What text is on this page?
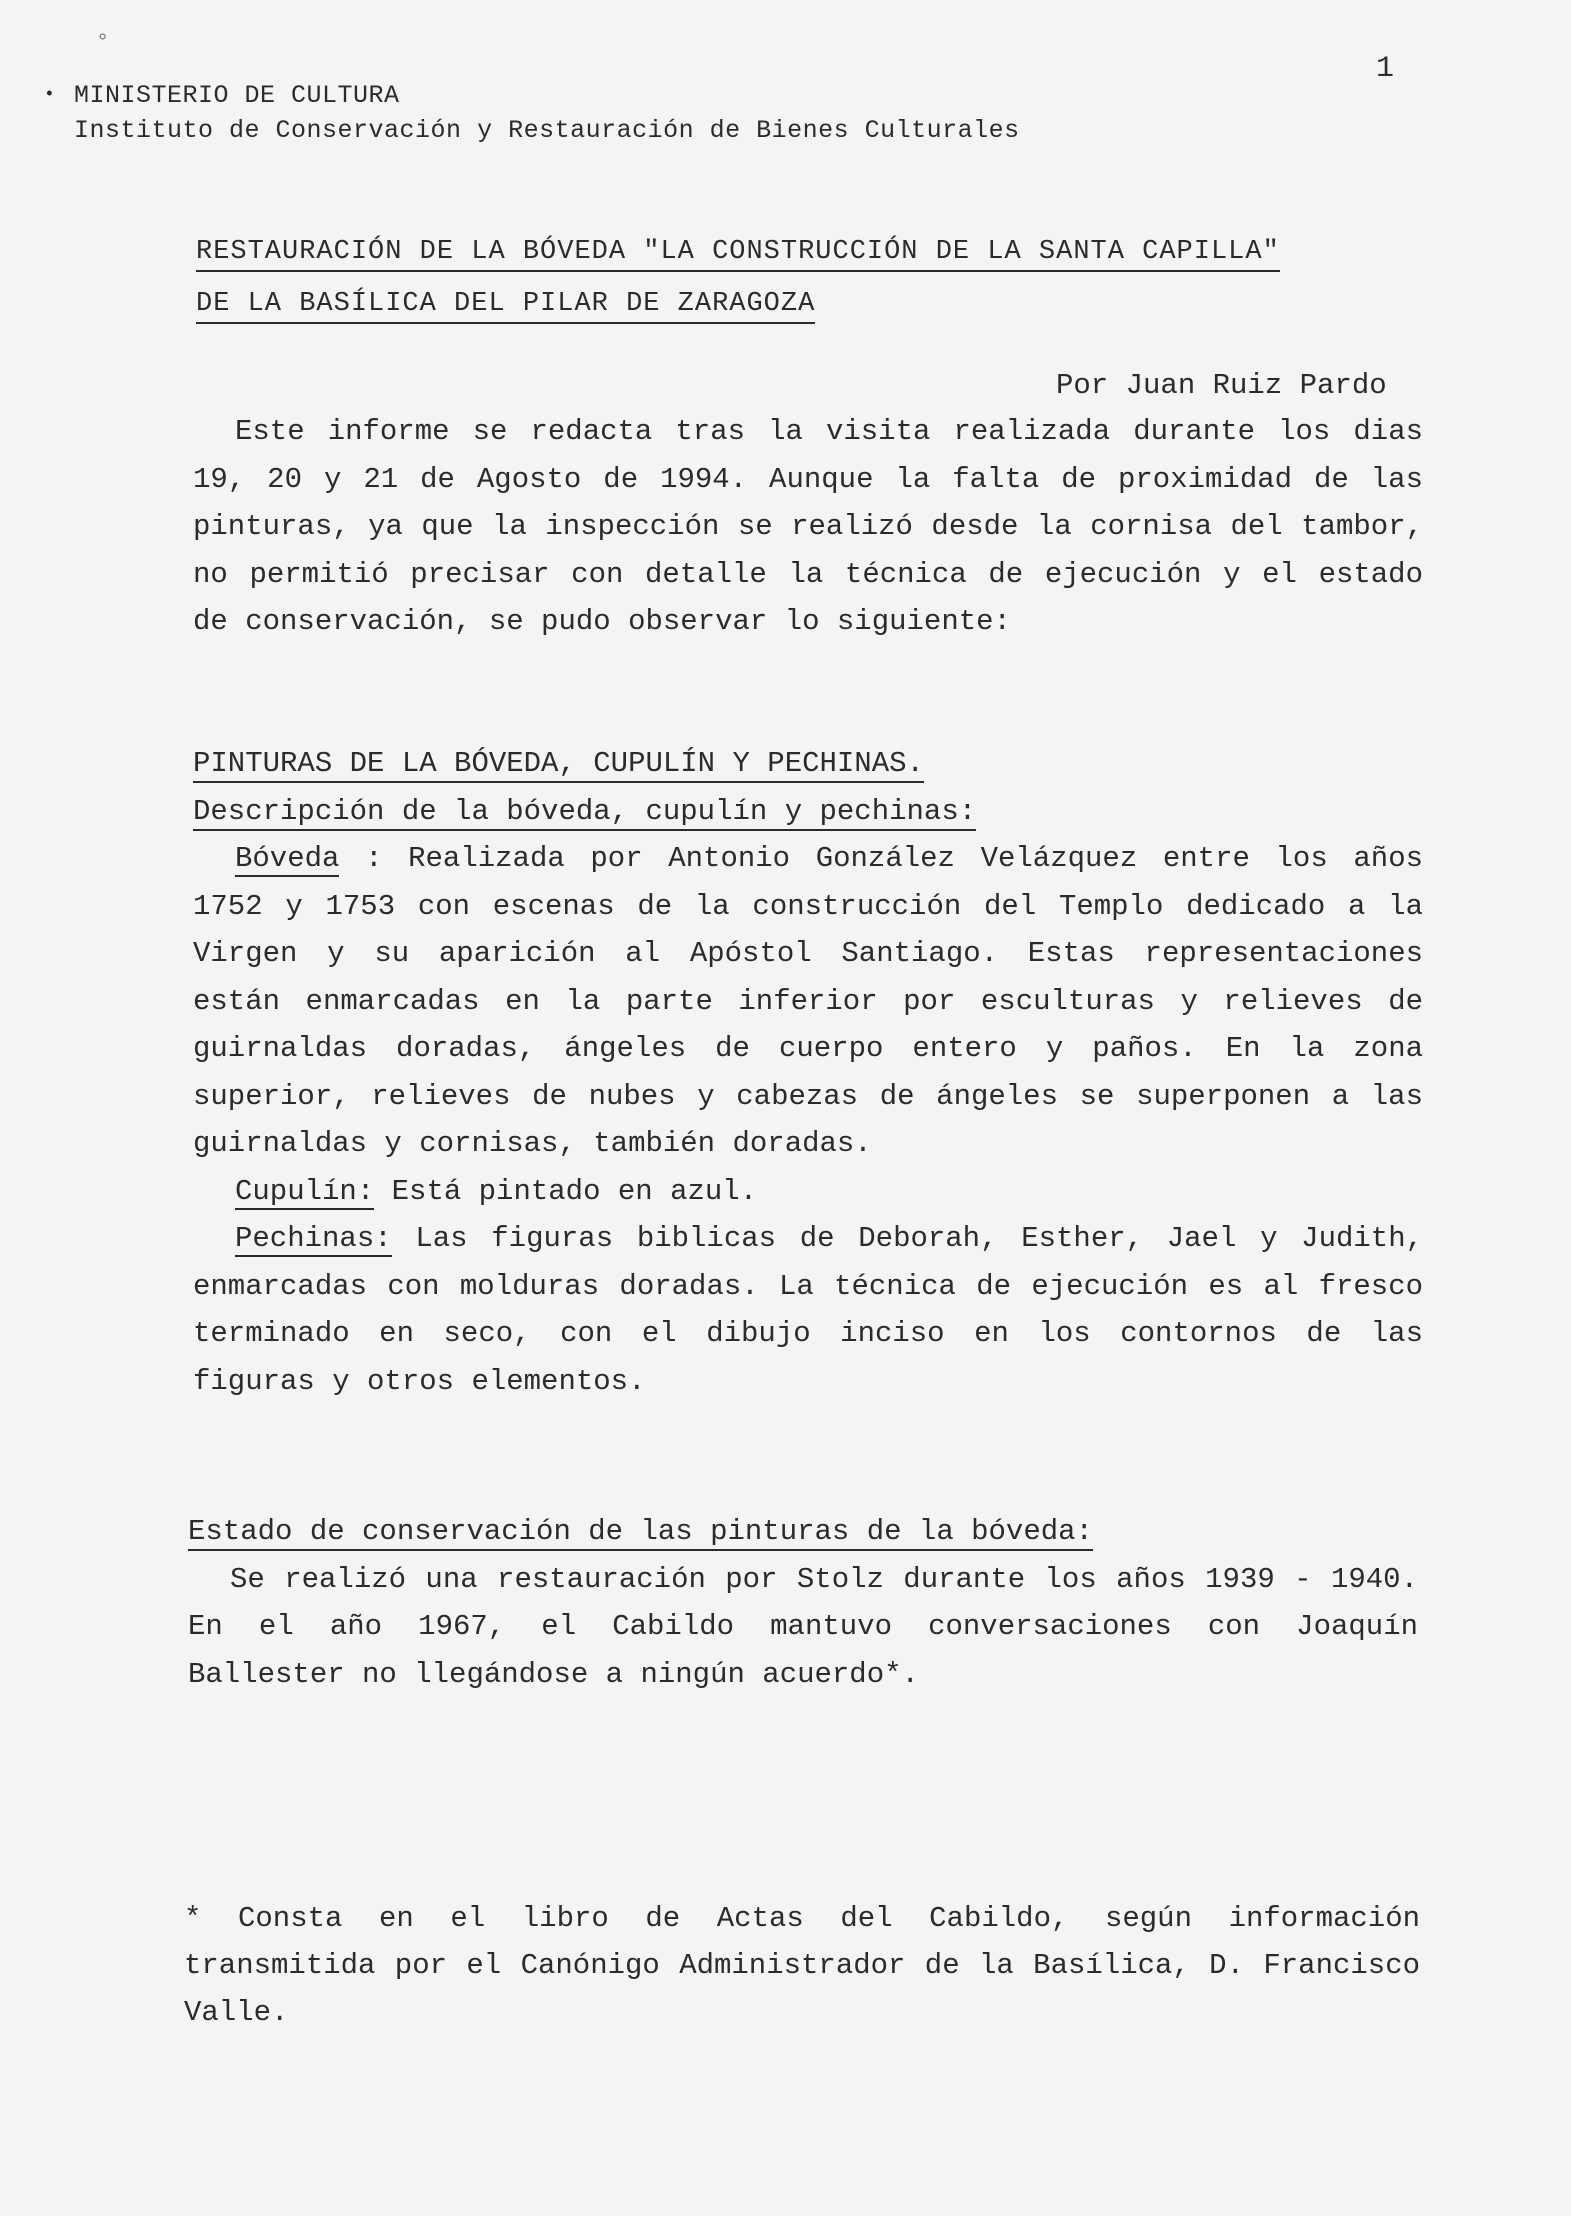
°
• MINISTERIO DE CULTURA
Instituto de Conservación y Restauración de Bienes Culturales
1
RESTAURACIÓN DE LA BÓVEDA "LA CONSTRUCCIÓN DE LA SANTA CAPILLA"
DE LA BASÍLICA DEL PILAR DE ZARAGOZA
Por Juan Ruiz Pardo
Este informe se redacta tras la visita realizada durante los dias 19, 20 y 21 de Agosto de 1994. Aunque la falta de proximidad de las pinturas, ya que la inspección se realizó desde la cornisa del tambor, no permitió precisar con detalle la técnica de ejecución y el estado de conservación, se pudo observar lo siguiente:
PINTURAS DE LA BÓVEDA, CUPULÍN Y PECHINAS.
Descripción de la bóveda, cupulín y pechinas:
Bóveda : Realizada por Antonio González Velázquez entre los años 1752 y 1753 con escenas de la construcción del Templo dedicado a la Virgen y su aparición al Apóstol Santiago. Estas representaciones están enmarcadas en la parte inferior por esculturas y relieves de guirnaldas doradas, ángeles de cuerpo entero y paños. En la zona superior, relieves de nubes y cabezas de ángeles se superponen a las guirnaldas y cornisas, también doradas.
Cupulín: Está pintado en azul.
Pechinas: Las figuras biblicas de Deborah, Esther, Jael y Judith, enmarcadas con molduras doradas. La técnica de ejecución es al fresco terminado en seco, con el dibujo inciso en los contornos de las figuras y otros elementos.
Estado de conservación de las pinturas de la bóveda:
Se realizó una restauración por Stolz durante los años 1939 - 1940. En el año 1967, el Cabildo mantuvo conversaciones con Joaquín Ballester no llegándose a ningún acuerdo*.
* Consta en el libro de Actas del Cabildo, según información transmitida por el Canónigo Administrador de la Basílica, D. Francisco Valle.
